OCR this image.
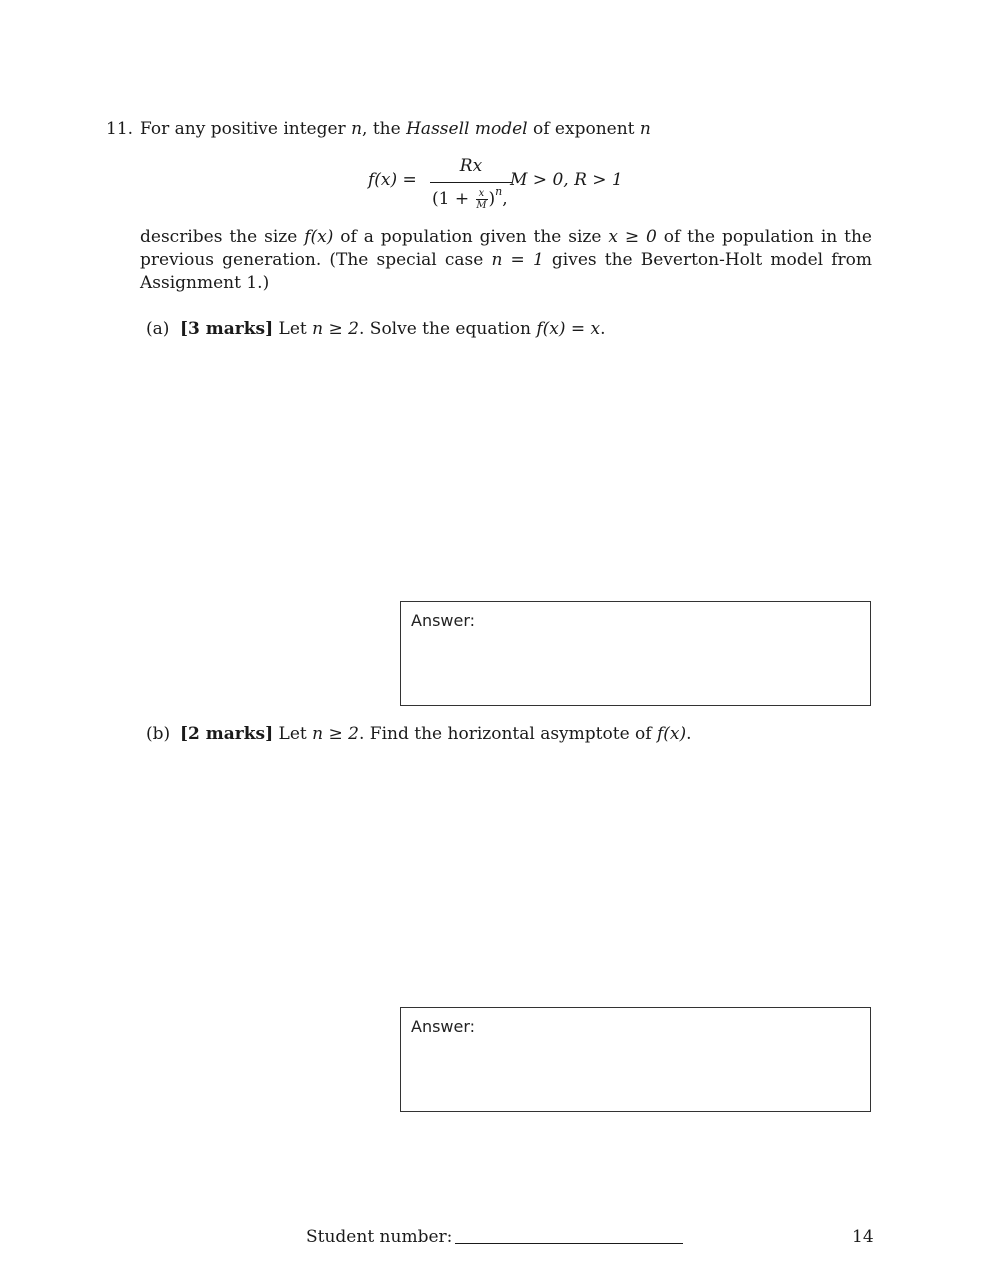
11. For any positive integer n, the Hassell model of exponent n
f(x) =
Rx
$(1 + \frac{x}{M} )^n$,
M > 0, R > 1
describes the size f(x) of a population given the size x ≥ 0 of the population in the previous generation. (The special case n = 1 gives the Beverton-Holt model from Assignment 1.)
(a) [3 marks] Let n ≥ 2. Solve the equation f(x) = x.
Answer:
(b) [2 marks] Let n ≥ 2. Find the horizontal asymptote of f(x).
Answer:
Student number:	14
